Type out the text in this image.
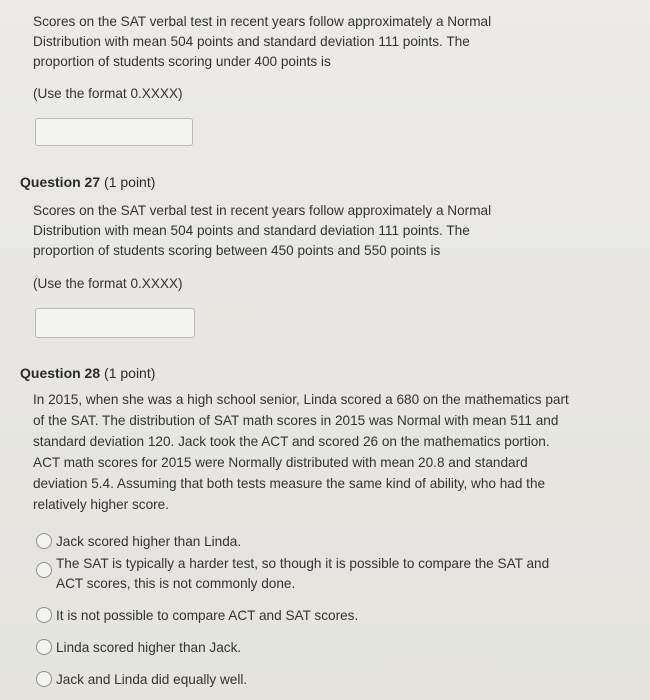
Scores on the SAT verbal test in recent years follow approximately a Normal Distribution with mean 504 points and standard deviation 111 points. The proportion of students scoring under 400 points is
(Use the format 0.XXXX)
Question 27 (1 point)
Scores on the SAT verbal test in recent years follow approximately a Normal Distribution with mean 504 points and standard deviation 111 points. The proportion of students scoring between 450 points and 550 points is
(Use the format 0.XXXX)
Question 28 (1 point)
In 2015, when she was a high school senior, Linda scored a 680 on the mathematics part of the SAT. The distribution of SAT math scores in 2015 was Normal with mean 511 and standard deviation 120. Jack took the ACT and scored 26 on the mathematics portion. ACT math scores for 2015 were Normally distributed with mean 20.8 and standard deviation 5.4. Assuming that both tests measure the same kind of ability, who had the relatively higher score.
Jack scored higher than Linda.
The SAT is typically a harder test, so though it is possible to compare the SAT and ACT scores, this is not commonly done.
It is not possible to compare ACT and SAT scores.
Linda scored higher than Jack.
Jack and Linda did equally well.
